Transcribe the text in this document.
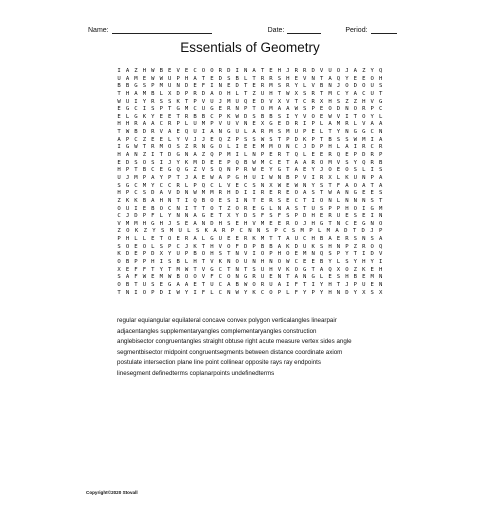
Name:	Date:	Period:
Essentials of Geometry
I A Z H W B E V E C O O R D I N A T E H J R R D V U O J A Z Y Q
U A M E W W U P H A T E D S B L T R R S H E V N T A Q Y E E O H
B B G S P M U N D E F I N E D T E R M S R Y L V B N J O D O U S
T H A M B L X D P R D A O H L T Z U H T W X S R T M C Y A C U T
W U I Y R S S K T P V U J M U Q E D V X V T C R X H S Z Z H V G
E G C I S P T G M C U G E R N P T O M A A W S P E O D N O R P C
E L G K Y E E T R B B C P K W D S B B S I Y V O E W V I T O Y L
H H R A A C R P L U M P V U V N E X G E D R I P L A M R L V A A
T W B D R V A E Q U I A N G U L A R M S M U P E L T Y N G G C N
A P C Z E E L Y V J J E Q Z P S S W S T P D K P T B S S W M I A
I G W T R M O S Z R N G O L I E E M M O N C J D P H L A I R C R
H A N Z I T D G N A Z Q P M I L N P E R T Q L E E R Q E P D R P
E D S O S I J Y K M D E E P Q B W M C E T A A R O M V S Y Q R B
H P T B C E G Q G Z V S Q N P R W E Y G T A E Y J O E O S L I S
U J M P A Y P T J A E W A P G H U I W N B P V I R X L K U N P A
S G C M Y C C R L P Q C L V E C S N X W E W N Y S T F A O A T A
H P C S D A V D N W M M R H D I I R E R E O A S T W A N G E E S
Z K K B A H N T I Q B O E S I N T E R S E C T I O N L N N N S T
O U I E B O C N I T T O T Z O R E G L N A S T U S P P H O I G M
C J D P F L Y N N A G E T X Y D S F S F S P D H E R U E S E I N
V M M H G H J S E A N D H S E H V M E E R O J H G T N C E G N O
Z O K Z Y S M U L S K A R P C N N S P C S M P L M A D T D J P
P H L L E T O E R A L G U E E R K M T T A U C H B A E R S N S A
S O E O L S P C J K T H V O F D P B B A K D U K S H N P Z R O Q
K D E P D X Y U P B O H S T N V I O P H O E M N Q S P Y T I D V
O B P P H I S B L H T V K N O U N H N O W C E E B Y L S Y H Y I
X E F F T Y T M W T V G C T N T S U H V K O G T A Q X O Z K E H
S A F W E M W B O O V F C O N G R U E N T A N G L E S H B E M N
O B T U S E G A A E T U C A B W O R U A I F T I Y H T J P U E N
T N I O P D I W Y I F L C N W Y K C O P L F Y P Y H N D Y X S X
regular equiangular equilateral concave convex polygon verticalangles linearpair
adjacentangles supplementaryangles complementaryangles construction
anglebisector congruentangles straight obtuse right acute measure vertex sides angle
segmentbisector midpoint congruentsegments between distance coordinate axiom
postulate intersection plane line point collinear opposite rays ray endpoints
linesegment definedterms coplanarpoints undefinedterms
Copyright©2020 Stovall
